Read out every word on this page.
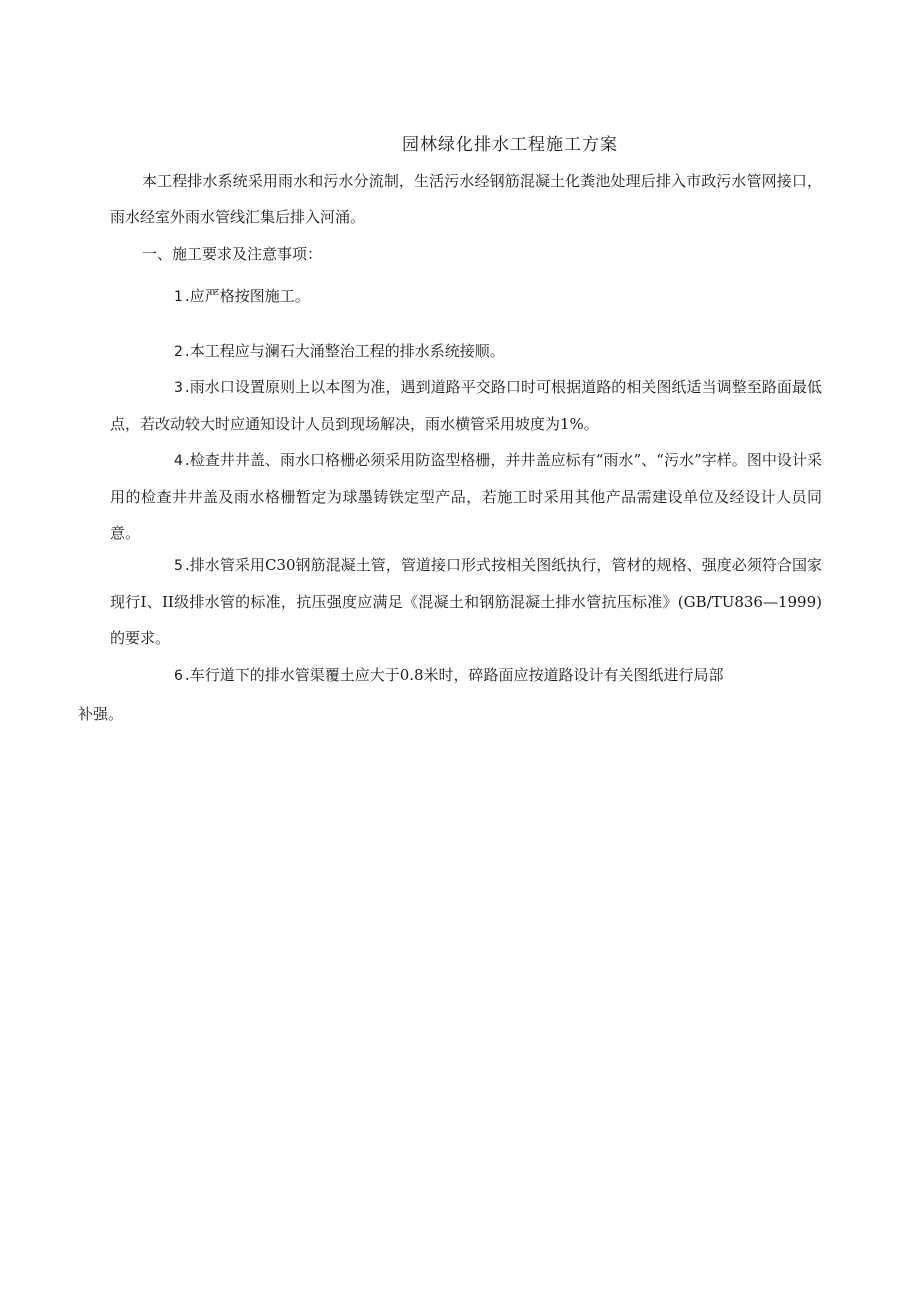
园林绿化排水工程施工方案
本工程排水系统采用雨水和污水分流制，生活污水经钢筋混凝土化粪池处理后排入市政污水管网接口，雨水经室外雨水管线汇集后排入河涌。
一、施工要求及注意事项：
1 .应严格按图施工。
2 .本工程应与澜石大涌整治工程的排水系统接顺。
3 .雨水口设置原则上以本图为准，遇到道路平交路口时可根据道路的相关图纸适当调整至路面最低点，若改动较大时应通知设计人员到现场解决，雨水横管采用坡度为1%。
4 .检查井井盖、雨水口格栅必须采用防盗型格栅，并井盖应标有“雨水”、“污水”字样。图中设计采用的检查井井盖及雨水格栅暂定为球墨铸铁定型产品，若施工时采用其他产品需建设单位及经设计人员同意。
5 .排水管采用C30钢筋混凝土管，管道接口形式按相关图纸执行，管材的规格、强度必须符合国家现行I、II级排水管的标准，抗压强度应满足《混凝土和钢筋混凝土排水管抗压标准》(GB/TU836—1999)的要求。
6 .车行道下的排水管渠覆土应大于0.8米时，碎路面应按道路设计有关图纸进行局部
补强。
